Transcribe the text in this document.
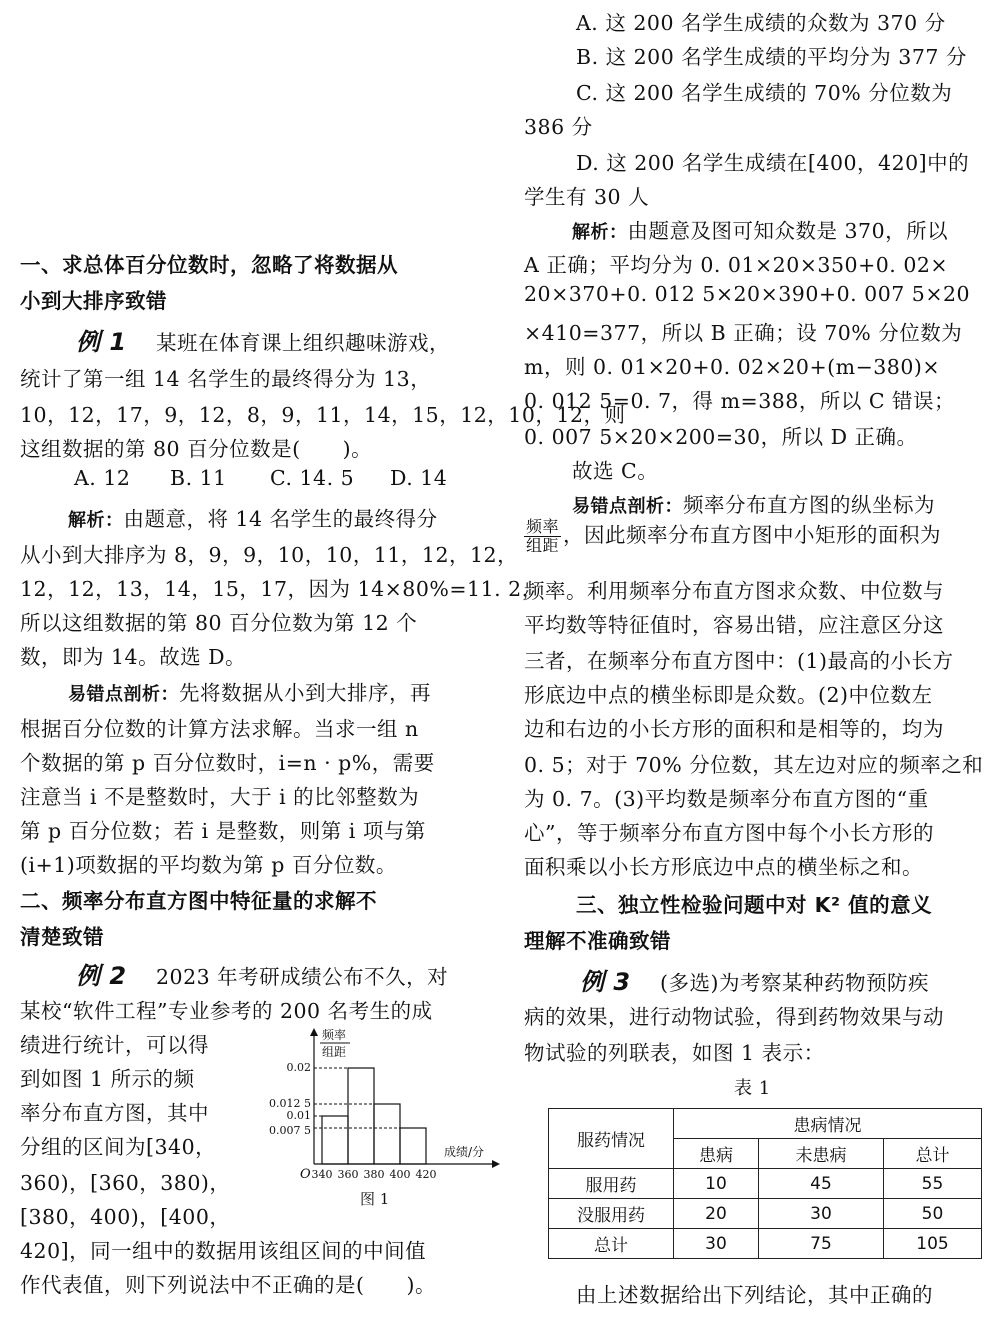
一、求总体百分位数时，忽略了将数据从
小到大排序致错
例 1 某班在体育课上组织趣味游戏，
统计了第一组 14 名学生的最终得分为 13，
10，12，17，9，12，8，9，11，14，15，12，10，12，则
这组数据的第 80 百分位数是(　　)。
A. 12 B. 11 C. 14. 5 D. 14
解析：由题意，将 14 名学生的最终得分
从小到大排序为 8，9，9，10，10，11，12，12，
12，12，13，14，15，17，因为 14×80%=11. 2，
所以这组数据的第 80 百分位数为第 12 个
数，即为 14。故选 D。
易错点剖析：先将数据从小到大排序，再
根据百分位数的计算方法求解。当求一组 n
个数据的第 p 百分位数时，i=n · p%，需要
注意当 i 不是整数时，大于 i 的比邻整数为
第 p 百分位数；若 i 是整数，则第 i 项与第
(i+1)项数据的平均数为第 p 百分位数。
二、频率分布直方图中特征量的求解不
清楚致错
例 2 2023 年考研成绩公布不久，对
某校“软件工程”专业参考的 200 名考生的成
绩进行统计，可以得
到如图 1 所示的频
率分布直方图，其中
分组的区间为[340，
360)，[360，380)，
[380，400)，[400，
420]，同一组中的数据用该组区间的中间值
作代表值，则下列说法中不正确的是(　　)。
频率
组距
O
0.02
0.012 5
0.01
0.007 5
340 360 380 400 420
成绩/分
图 1
A. 这 200 名学生成绩的众数为 370 分
B. 这 200 名学生成绩的平均分为 377 分
C. 这 200 名学生成绩的 70% 分位数为
386 分
D. 这 200 名学生成绩在[400，420]中的
学生有 30 人
解析：由题意及图可知众数是 370，所以
A 正确；平均分为 0. 01×20×350+0. 02×
20×370+0. 012 5×20×390+0. 007 5×20
×410=377，所以 B 正确；设 70% 分位数为
m，则 0. 01×20+0. 02×20+(m−380)×
0. 012 5=0. 7，得 m=388，所以 C 错误；
0. 007 5×20×200=30，所以 D 正确。
故选 C。
易错点剖析：频率分布直方图的纵坐标为
$\frac{\text{频率}}{\text{组距}}$ ，因此频率分布直方图中小矩形的面积为
频率。利用频率分布直方图求众数、中位数与
平均数等特征值时，容易出错，应注意区分这
三者，在频率分布直方图中：(1)最高的小长方
形底边中点的横坐标即是众数。(2)中位数左
边和右边的小长方形的面积和是相等的，均为
0. 5；对于 70% 分位数，其左边对应的频率之和
为 0. 7。(3)平均数是频率分布直方图的“重
心”，等于频率分布直方图中每个小长方形的
面积乘以小长方形底边中点的横坐标之和。
三、独立性检验问题中对 K² 值的意义
理解不准确致错
例 3 (多选)为考察某种药物预防疾
病的效果，进行动物试验，得到药物效果与动
物试验的列联表，如图 1 表示：
表 1
服药情况	患病情况		
	患病	未患病	总计
服用药	10	45	55
没服用药	20	30	50
总计	30	75	105
由上述数据给出下列结论，其中正确的
